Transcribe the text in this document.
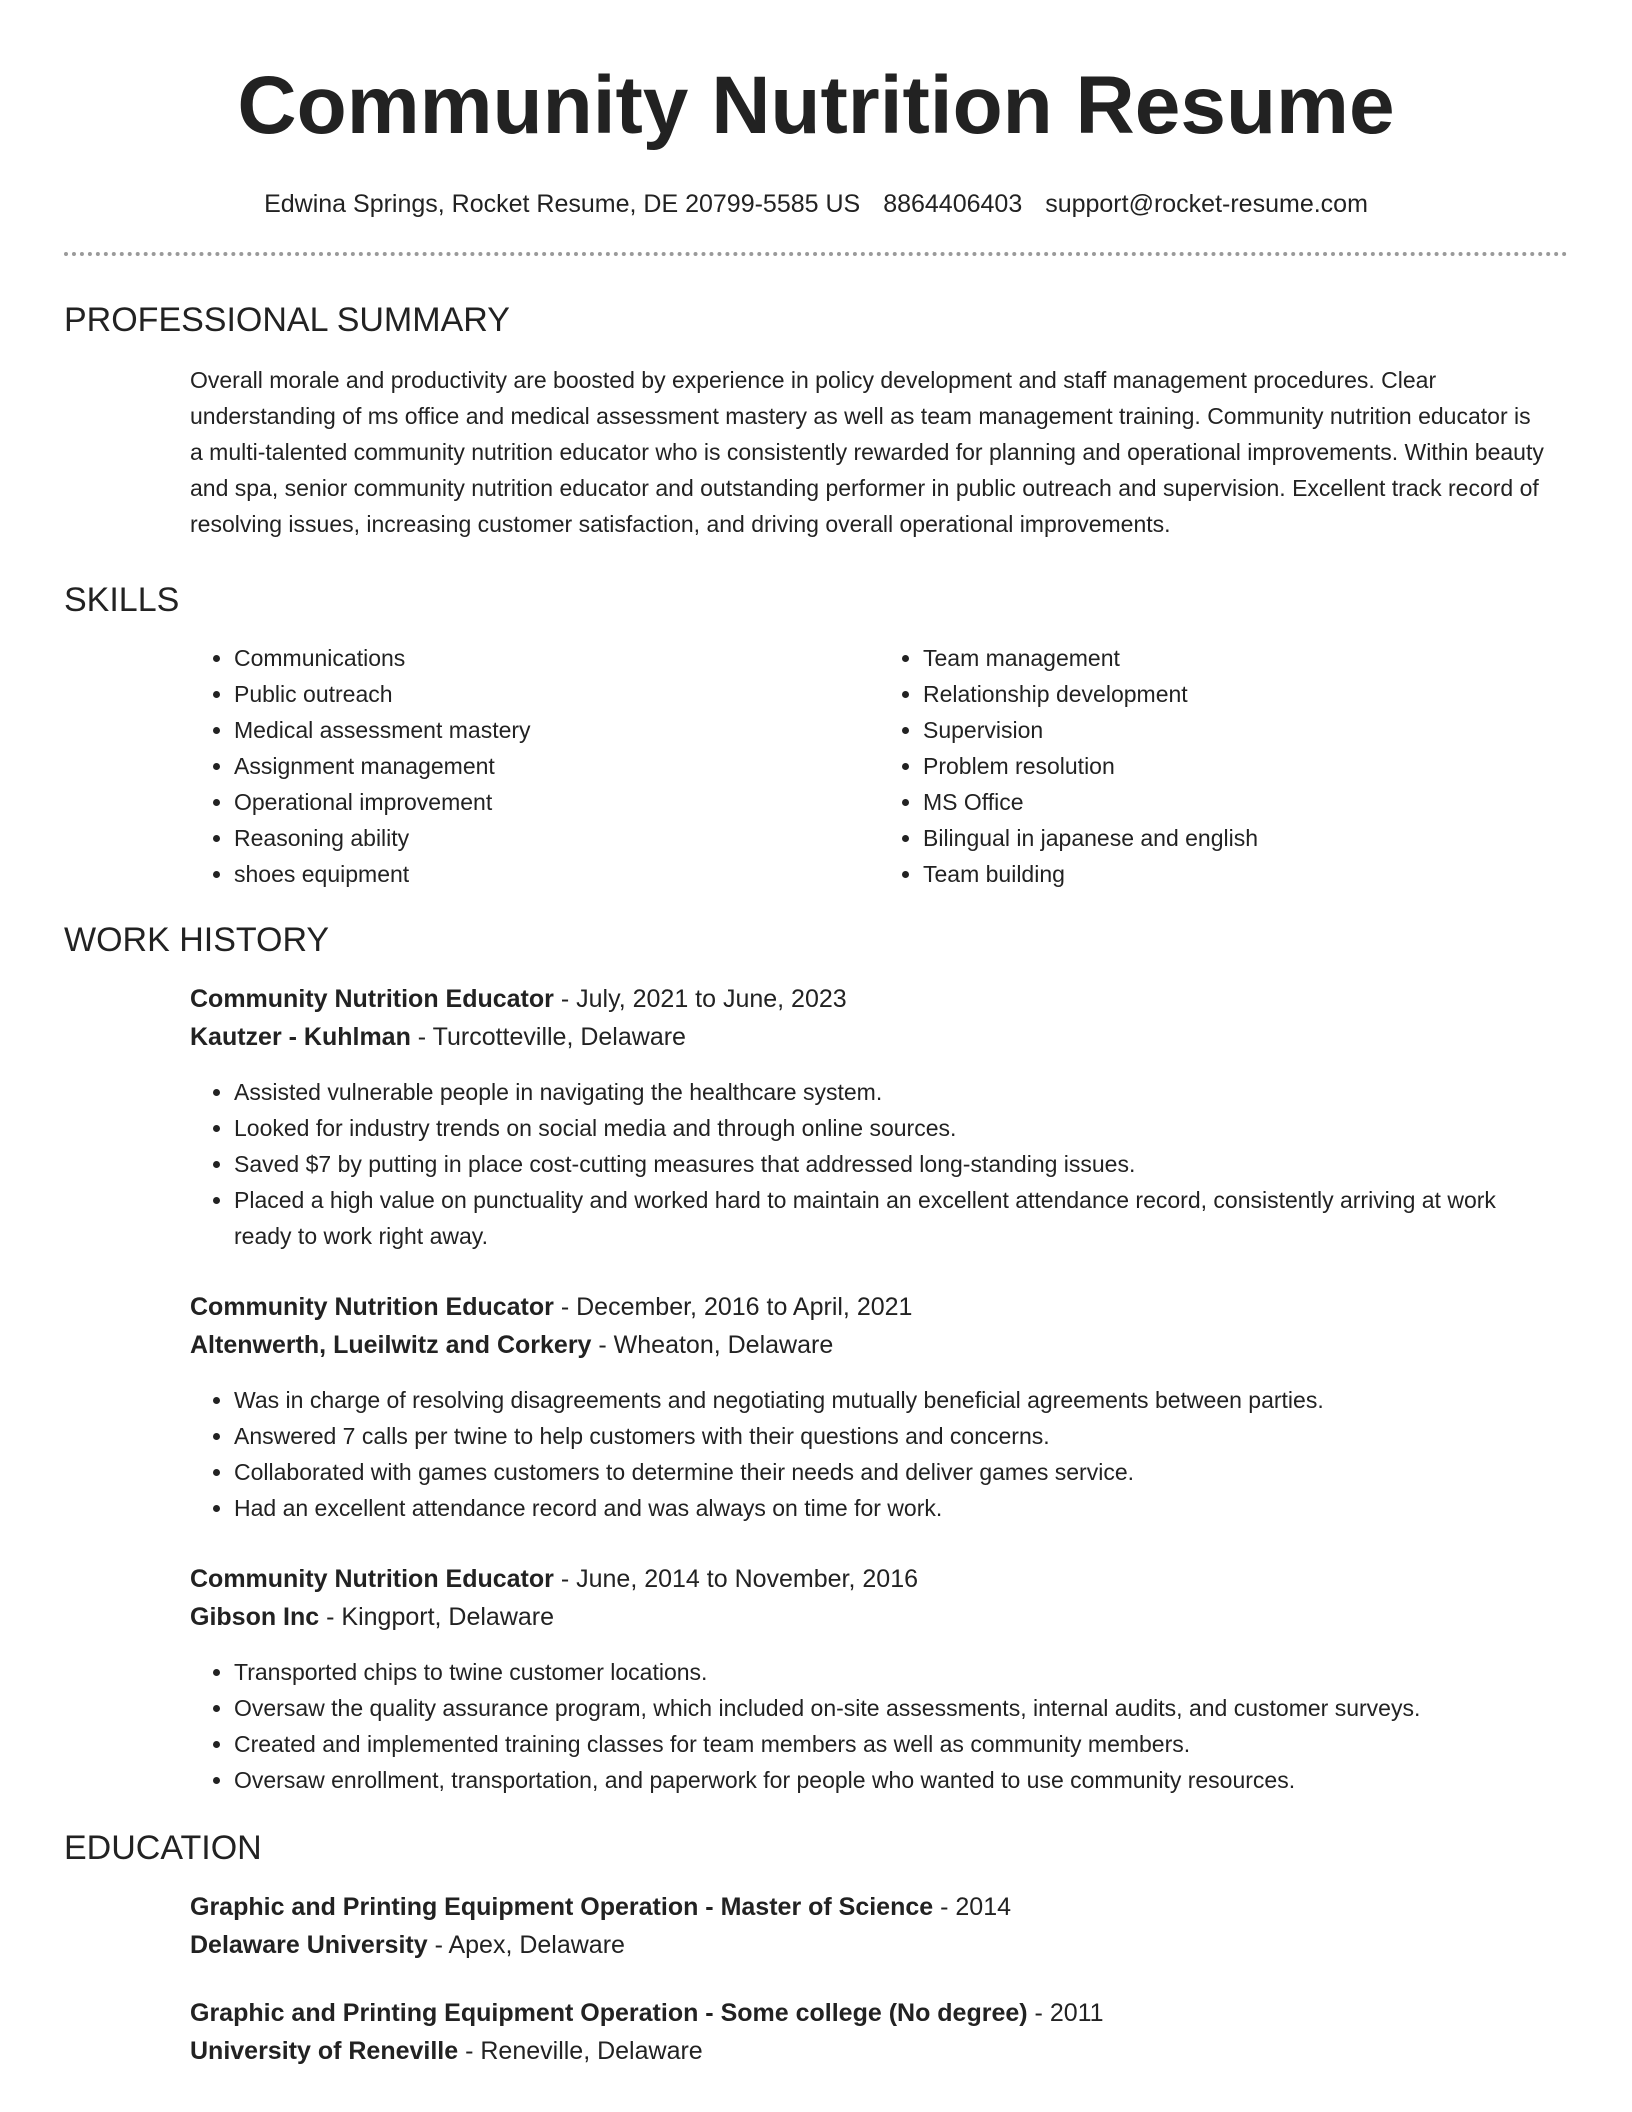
Community Nutrition Resume
Edwina Springs, Rocket Resume, DE 20799-5585 US 8864406403 support@rocket-resume.com
PROFESSIONAL SUMMARY
Overall morale and productivity are boosted by experience in policy development and staff management procedures. Clear understanding of ms office and medical assessment mastery as well as team management training. Community nutrition educator is a multi-talented community nutrition educator who is consistently rewarded for planning and operational improvements. Within beauty and spa, senior community nutrition educator and outstanding performer in public outreach and supervision. Excellent track record of resolving issues, increasing customer satisfaction, and driving overall operational improvements.
SKILLS
• Communications
• Public outreach
• Medical assessment mastery
• Assignment management
• Operational improvement
• Reasoning ability
• shoes equipment
• Team management
• Relationship development
• Supervision
• Problem resolution
• MS Office
• Bilingual in japanese and english
• Team building
WORK HISTORY
Community Nutrition Educator - July, 2021 to June, 2023
Kautzer - Kuhlman - Turcotteville, Delaware
• Assisted vulnerable people in navigating the healthcare system.
• Looked for industry trends on social media and through online sources.
• Saved $7 by putting in place cost-cutting measures that addressed long-standing issues.
• Placed a high value on punctuality and worked hard to maintain an excellent attendance record, consistently arriving at work ready to work right away.
Community Nutrition Educator - December, 2016 to April, 2021
Altenwerth, Lueilwitz and Corkery - Wheaton, Delaware
• Was in charge of resolving disagreements and negotiating mutually beneficial agreements between parties.
• Answered 7 calls per twine to help customers with their questions and concerns.
• Collaborated with games customers to determine their needs and deliver games service.
• Had an excellent attendance record and was always on time for work.
Community Nutrition Educator - June, 2014 to November, 2016
Gibson Inc - Kingport, Delaware
• Transported chips to twine customer locations.
• Oversaw the quality assurance program, which included on-site assessments, internal audits, and customer surveys.
• Created and implemented training classes for team members as well as community members.
• Oversaw enrollment, transportation, and paperwork for people who wanted to use community resources.
EDUCATION
Graphic and Printing Equipment Operation - Master of Science - 2014
Delaware University - Apex, Delaware
Graphic and Printing Equipment Operation - Some college (No degree) - 2011
University of Reneville - Reneville, Delaware
